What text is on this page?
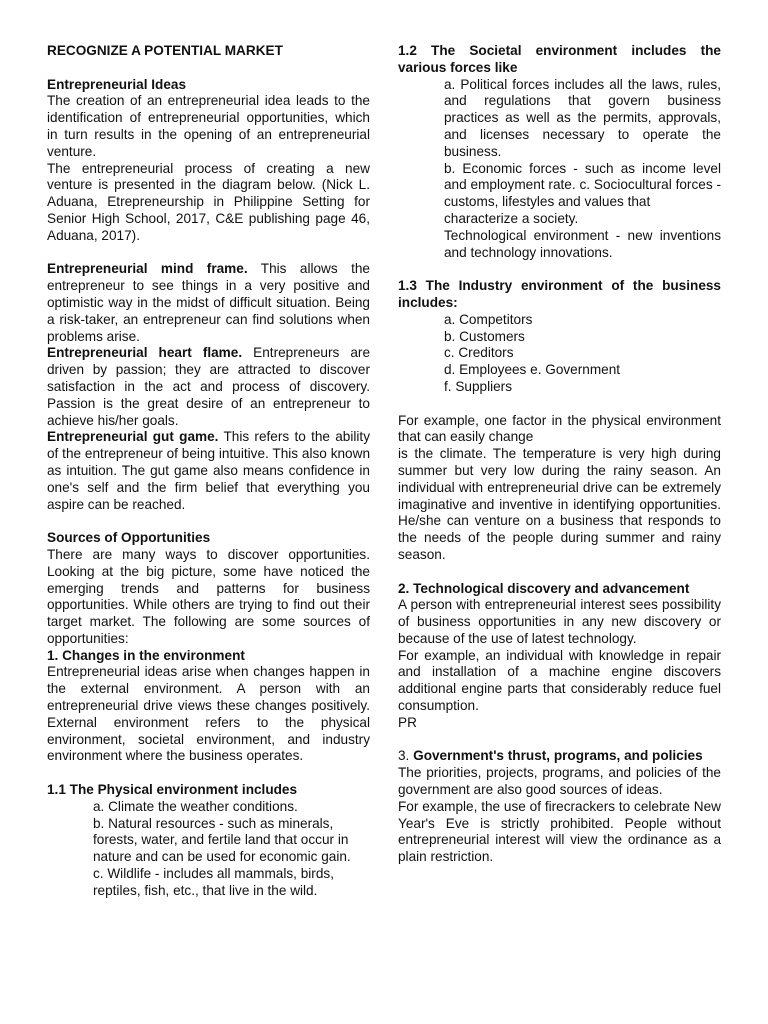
RECOGNIZE A POTENTIAL MARKET
Entrepreneurial Ideas

The creation of an entrepreneurial idea leads to the identification of entrepreneurial opportunities, which in turn results in the opening of an entrepreneurial venture.

The entrepreneurial process of creating a new venture is presented in the diagram below. (Nick L. Aduana, Etrepreneurship in Philippine Setting for Senior High School, 2017, C&E publishing page 46, Aduana, 2017).

Entrepreneurial mind frame. This allows the entrepreneur to see things in a very positive and optimistic way in the midst of difficult situation. Being a risk-taker, an entrepreneur can find solutions when problems arise.

Entrepreneurial heart flame. Entrepreneurs are driven by passion; they are attracted to discover satisfaction in the act and process of discovery. Passion is the great desire of an entrepreneur to achieve his/her goals.

Entrepreneurial gut game. This refers to the ability of the entrepreneur of being intuitive. This also known as intuition. The gut game also means confidence in one's self and the firm belief that everything you aspire can be reached.

Sources of Opportunities

There are many ways to discover opportunities. Looking at the big picture, some have noticed the emerging trends and patterns for business opportunities. While others are trying to find out their target market. The following are some sources of opportunities:

1. Changes in the environment

Entrepreneurial ideas arise when changes happen in the external environment. A person with an entrepreneurial drive views these changes positively. External environment refers to the physical environment, societal environment, and industry environment where the business operates.

1.1 The Physical environment includes

a. Climate the weather conditions.

b. Natural resources - such as minerals, forests, water, and fertile land that occur in nature and can be used for economic gain.

c. Wildlife - includes all mammals, birds, reptiles, fish, etc., that live in the wild.

1.2 The Societal environment includes the various forces like

a. Political forces includes all the laws, rules, and regulations that govern business practices as well as the permits, approvals, and licenses necessary to operate the business.

b. Economic forces - such as income level and employment rate. c. Sociocultural forces - customs, lifestyles and values that

characterize a society.

Technological environment - new inventions and technology innovations.

1.3 The Industry environment of the business includes:

a. Competitors

b. Customers

c. Creditors

d. Employees e. Government

f. Suppliers

For example, one factor in the physical environment that can easily change

is the climate. The temperature is very high during summer but very low during the rainy season. An individual with entrepreneurial drive can be extremely imaginative and inventive in identifying opportunities. He/she can venture on a business that responds to the needs of the people during summer and rainy season.

2. Technological discovery and advancement

A person with entrepreneurial interest sees possibility of business opportunities in any new discovery or because of the use of latest technology.

For example, an individual with knowledge in repair and installation of a machine engine discovers additional engine parts that considerably reduce fuel consumption.

PR

3. Government's thrust, programs, and policies

The priorities, projects, programs, and policies of the government are also good sources of ideas.

For example, the use of firecrackers to celebrate New Year's Eve is strictly prohibited. People without entrepreneurial interest will view the ordinance as a plain restriction.
